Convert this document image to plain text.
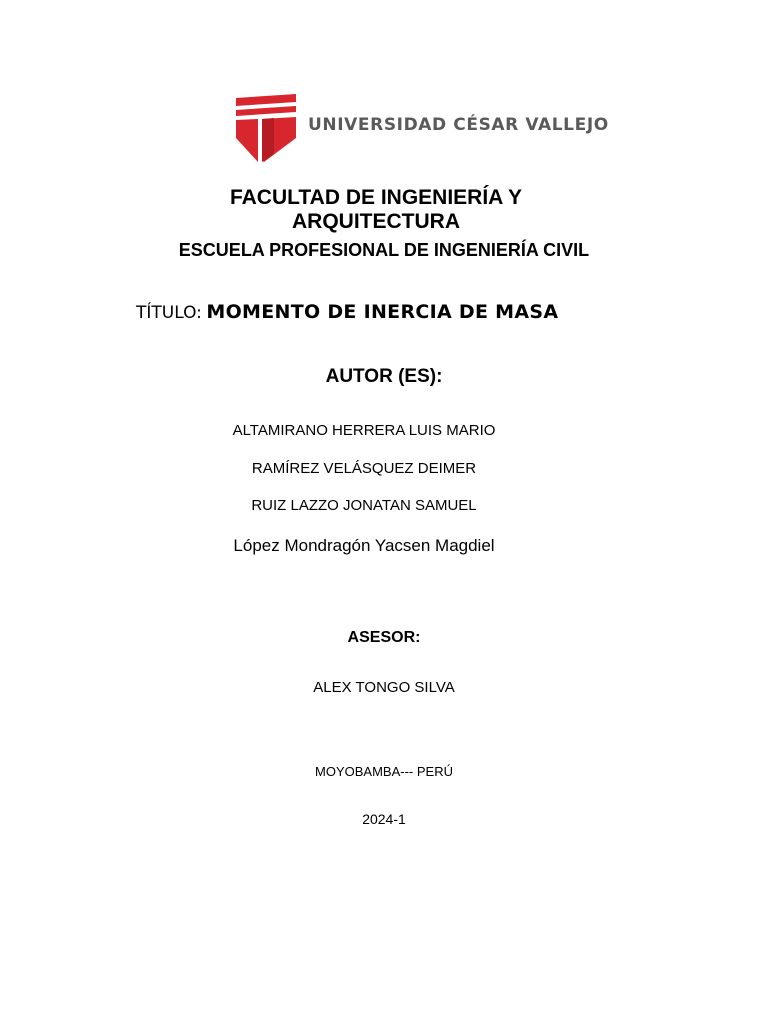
UNIVERSIDAD CÉSAR VALLEJO
FACULTAD DE INGENIERÍA Y ARQUITECTURA
ESCUELA PROFESIONAL DE INGENIERÍA CIVIL
TÍTULO: MOMENTO DE INERCIA DE MASA
AUTOR (ES):
ALTAMIRANO HERRERA LUIS MARIO
RAMÍREZ VELÁSQUEZ DEIMER
RUIZ LAZZO JONATAN SAMUEL
López Mondragón Yacsen Magdiel
ASESOR:
ALEX TONGO SILVA
MOYOBAMBA--- PERÚ
2024-1
